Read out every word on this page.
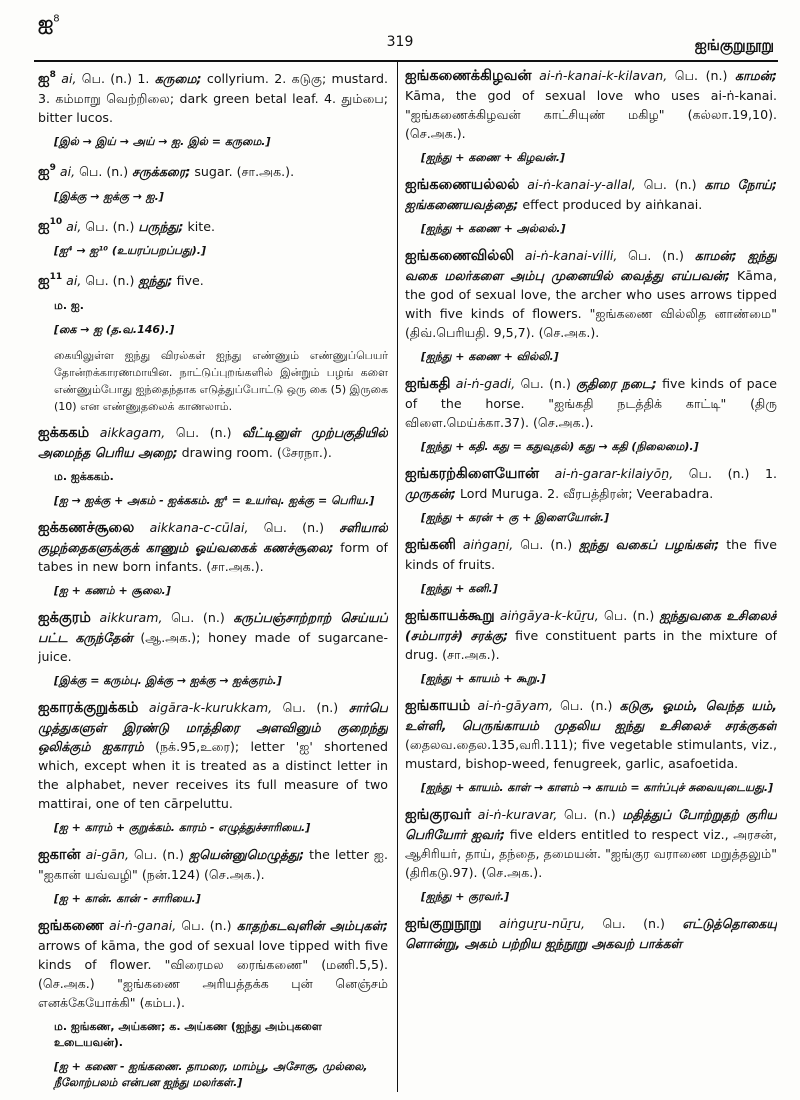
ஐ$^8$
319	ஐங்குறுநூறு
ஐ$^8$ ai, பெ. (n.) 1. கருமை; collyrium. 2. கடுகு; mustard. 3. கம்மாறு வெற்றிலை; dark green betal leaf. 4. தும்பை; bitter lucos.
[இல் → இய் → அய் → ஐ. இல் = கருமை.]
ஐ$^9$ ai, பெ. (n.) சருக்கரை; sugar. (சா.அக.).
[இக்கு → ஐக்கு → ஐ.]
ஐ$^{10}$ ai, பெ. (n.) பருந்து; kite.
[ஐ⁴ → ஐ¹⁰ (உயரப்பறப்பது).]
ஐ$^{11}$ ai, பெ. (n.) ஐந்து; five.
ம. ஐ.
[கை → ஐ (த.வ.146).]
கையிலுள்ள ஐந்து விரல்கள் ஐந்து எண்ணும் எண்ணுப்பெயர் தோன்றக்காரணமாயின. நாட்டுப்புறங்களில் இன்றும் பழங் களை எண்ணும்போது ஐந்தைந்தாக எடுத்துப்போட்டு ஒரு கை (5) இருகை (10) என எண்ணுதலைக் காணலாம்.
ஐக்ககம் aikkagam, பெ. (n.) வீட்டினுள் முற்பகுதியில் அமைந்த பெரிய அறை; drawing room. (சேரநா.).
ம. ஐக்ககம்.
[ஐ → ஐக்கு + அகம் - ஐக்ககம். ஐ⁴ = உயர்வு. ஐக்கு = பெரிய.]
ஐக்கணச்சூலை aikkana-c-cūlai, பெ. (n.) சளியால் குழந்தைகளுக்குக் காணும் ஓய்வகைக் கணச்சூலை; form of tabes in new born infants. (சா.அக.).
[ஐ + கணம் + சூலை.]
ஐக்குரம் aikkuram, பெ. (n.) கருப்பஞ்சாற்றாற் செய்யப் பட்ட கருந்தேன் (ஆ.அக.); honey made of sugarcane-juice.
[இக்கு = கரும்பு. இக்கு → ஐக்கு → ஐக்குரம்.]
ஐகாரக்குறுக்கம் aigāra-k-kurukkam, பெ. (n.) சார்பெ ழுத்துகளுள் இரண்டு மாத்திரை அளவினும் குறைந்து ஒலிக்கும் ஐகாரம் (நக்.95,உரை); letter 'ஐ' shortened which, except when it is treated as a distinct letter in the alphabet, never receives its full measure of two mattirai, one of ten cārpeluttu.
[ஐ + காரம் + குறுக்கம். காரம் - எழுத்துச்சாரியை.]
ஐகான் ai-gān, பெ. (n.) ஐயென்னுமெழுத்து; the letter ஐ. "ஐகான் யவ்வழி" (நன்.124) (செ.அக.).
[ஐ + கான். கான் - சாரியை.]
ஐங்கணை ai-ṅ-ganai, பெ. (n.) காதற்கடவுளின் அம்புகள்; arrows of kāma, the god of sexual love tipped with five kinds of flower. "விரைமல ரைங்கணை" (மணி.5,5). (செ.அக.) "ஐங்கணை அரியத்தக்க புன் னெஞ்சம் எனக்கேயோக்கி" (கம்ப.).
ம. ஐங்கண, அய்கண; க. அய்கண (ஐந்து அம்புகளை உடையவன்).
[ஐ + கணை - ஐங்கணை. தாமரை, மாம்பூ, அசோகு, முல்லை, நீலோற்பலம் என்பன ஐந்து மலர்கள்.]
ஐங்கணைக்கிழவன் ai-ṅ-kanai-k-kilavan, பெ. (n.) காமன்; Kāma, the god of sexual love who uses ai-ṅ-kanai. "ஐங்கணைக்கிழவன் காட்சியுண் மகிழ" (கல்லா.19,10). (செ.அக.).
[ஐந்து + கணை + கிழவன்.]
ஐங்கணையல்லல் ai-ṅ-kanai-y-allal, பெ. (n.) காம நோய்; ஐங்கணையவத்தை; effect produced by aiṅkanai.
[ஐந்து + கணை + அல்லல்.]
ஐங்கணைவில்லி ai-ṅ-kanai-villi, பெ. (n.) காமன்; ஐந்து வகை மலர்களை அம்பு முனையில் வைத்து எய்பவன்; Kāma, the god of sexual love, the archer who uses arrows tipped with five kinds of flowers. "ஐங்கணை வில்லித னாண்மை" (திவ்.பெரியதி. 9,5,7). (செ.அக.).
[ஐந்து + கணை + வில்லி.]
ஐங்கதி ai-ṅ-gadi, பெ. (n.) குதிரை நடை; five kinds of pace of the horse. "ஐங்கதி நடத்திக் காட்டி" (திரு விளை.மெய்க்கா.37). (செ.அக.).
[ஐந்து + கதி. கது = கதுவுதல்) கது → கதி (நிலைமை).]
ஐங்கரற்கிளையோன் ai-ṅ-garar-kilaiyōṉ, பெ. (n.) 1. முருகன்; Lord Muruga. 2. வீரபத்திரன்; Veerabadra.
[ஐந்து + கரன் + கு + இளையோன்.]
ஐங்கனி aiṅgaṉi, பெ. (n.) ஐந்து வகைப் பழங்கள்; the five kinds of fruits.
[ஐந்து + கனி.]
ஐங்காயக்கூறு aiṅgāya-k-kūṟu, பெ. (n.) ஐந்துவகை உசிலைச் (சம்பாரச்) சரக்கு; five constituent parts in the mixture of drug. (சா.அக.).
[ஐந்து + காயம் + கூறு.]
ஐங்காயம் ai-ṅ-gāyam, பெ. (n.) கடுகு, ஓமம், வெந்த யம், உள்ளி, பெருங்காயம் முதலிய ஐந்து உசிலைச் சரக்குகள் (தைலவ.தைல.135,வரி.111); five vegetable stimulants, viz., mustard, bishop-weed, fenugreek, garlic, asafoetida.
[ஐந்து + காயம். காள் → காளம் → காயம் = கார்ப்புச் சுவையுடையது.]
ஐங்குரவர் ai-ṅ-kuravar, பெ. (n.) மதித்துப் போற்றுதற் குரிய பெரியோர் ஐவர்; five elders entitled to respect viz., அரசன், ஆசிரியர், தாய், தந்தை, தமையன். "ஐங்குர வராணை மறுத்தலும்" (திரிகடு.97). (செ.அக.).
[ஐந்து + குரவர்.]
ஐங்குறுநூறு aiṅguṟu-nūṟu, பெ. (n.) எட்டுத்தொகையு ளொன்று, அகம் பற்றிய ஐந்நூறு அகவற் பாக்கள்
